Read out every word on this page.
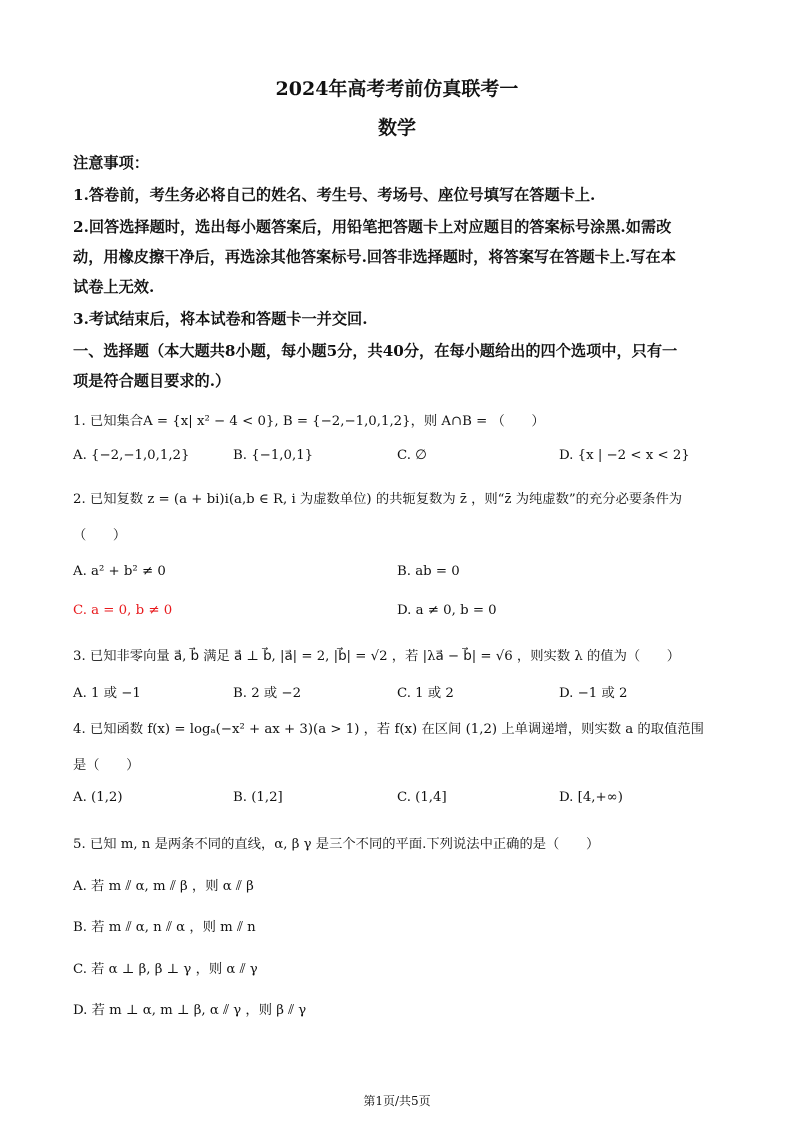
2024年高考考前仿真联考一
数学
注意事项：
1.答卷前，考生务必将自己的姓名、考生号、考场号、座位号填写在答题卡上.
2.回答选择题时，选出每小题答案后，用铅笔把答题卡上对应题目的答案标号涂黑.如需改
动，用橡皮擦干净后，再选涂其他答案标号.回答非选择题时，将答案写在答题卡上.写在本
试卷上无效.
3.考试结束后，将本试卷和答题卡一并交回.
一、选择题（本大题共8小题，每小题5分，共40分，在每小题给出的四个选项中，只有一
项是符合题目要求的.）
1. 已知集合A = {x| x² − 4 < 0}, B = {−2,−1,0,1,2}，则 A∩B = （　　）
A. {−2,−1,0,1,2}	B. {−1,0,1}	C. ∅	D. {x | −2 < x < 2}
2. 已知复数 z = (a + bi)i(a,b ∈ R, i 为虚数单位) 的共轭复数为 z̄ ，则“z̄ 为纯虚数”的充分必要条件为
（　　）
A. a² + b² ≠ 0	B. ab = 0
C. a = 0, b ≠ 0	D. a ≠ 0, b = 0
3. 已知非零向量 a⃗, b⃗ 满足 a⃗ ⊥ b⃗, |a⃗| = 2, |b⃗| = √2 ，若 |λa⃗ − b⃗| = √6 ，则实数 λ 的值为（　　）
A. 1 或 −1	B. 2 或 −2	C. 1 或 2	D. −1 或 2
4. 已知函数 f(x) = logₐ(−x² + ax + 3)(a > 1) ，若 f(x) 在区间 (1,2) 上单调递增，则实数 a 的取值范围
是（　　）
A. (1,2)	B. (1,2]	C. (1,4]	D. [4,+∞)
5. 已知 m, n 是两条不同的直线，α, β γ 是三个不同的平面.下列说法中正确的是（　　）
A. 若 m ⫽ α, m ⫽ β ，则 α ⫽ β
B. 若 m ⫽ α, n ⫽ α ，则 m ⫽ n
C. 若 α ⊥ β, β ⊥ γ ，则 α ⫽ γ
D. 若 m ⊥ α, m ⊥ β, α ⫽ γ ，则 β ⫽ γ
第1页/共5页
